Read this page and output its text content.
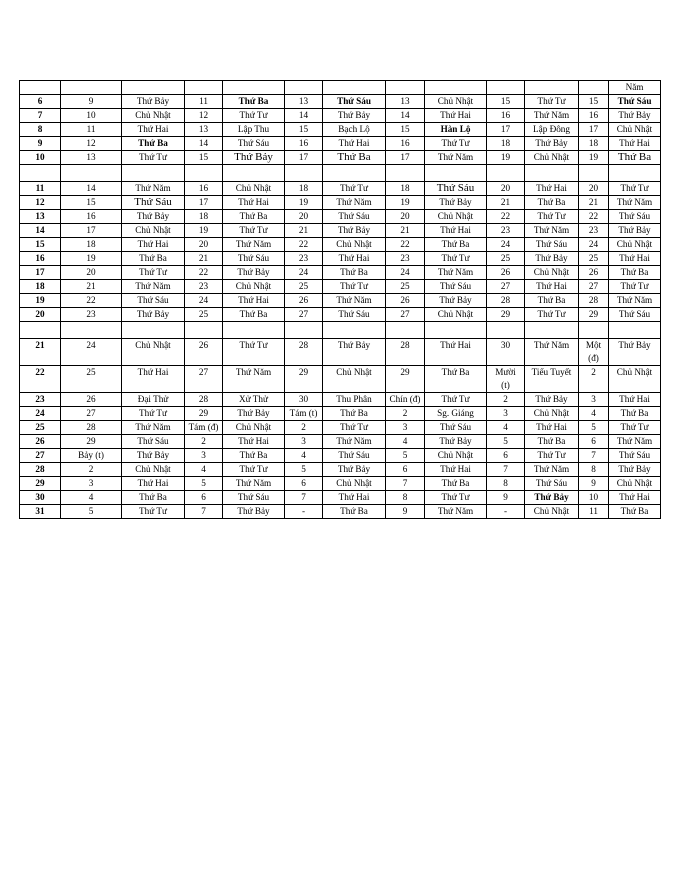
												Năm
6	9	Thứ Bảy	11	Thứ Ba	13	Thứ Sáu	13	Chủ Nhật	15	Thứ Tư	15	Thứ Sáu
7	10	Chủ Nhật	12	Thứ Tư	14	Thứ Bảy	14	Thứ Hai	16	Thứ Năm	16	Thứ Bảy
8	11	Thứ Hai	13	Lập Thu	15	Bạch Lộ	15	Hàn Lộ	17	Lập Đông	17	Chủ Nhật
9	12	Thứ Ba	14	Thứ Sáu	16	Thứ Hai	16	Thứ Tư	18	Thứ Bảy	18	Thứ Hai
10	13	Thứ Tư	15	Thứ Bảy	17	Thứ Ba	17	Thứ Năm	19	Chủ Nhật	19	Thứ Ba

11	14	Thứ Năm	16	Chủ Nhật	18	Thứ Tư	18	Thứ Sáu	20	Thứ Hai	20	Thứ Tư
12	15	Thứ Sáu	17	Thứ Hai	19	Thứ Năm	19	Thứ Bảy	21	Thứ Ba	21	Thứ Năm
13	16	Thứ Bảy	18	Thứ Ba	20	Thứ Sáu	20	Chủ Nhật	22	Thứ Tư	22	Thứ Sáu
14	17	Chủ Nhật	19	Thứ Tư	21	Thứ Bảy	21	Thứ Hai	23	Thứ Năm	23	Thứ Bảy
15	18	Thứ Hai	20	Thứ Năm	22	Chủ Nhật	22	Thứ Ba	24	Thứ Sáu	24	Chủ Nhật
16	19	Thứ Ba	21	Thứ Sáu	23	Thứ Hai	23	Thứ Tư	25	Thứ Bảy	25	Thứ Hai
17	20	Thứ Tư	22	Thứ Bảy	24	Thứ Ba	24	Thứ Năm	26	Chủ Nhật	26	Thứ Ba
18	21	Thứ Năm	23	Chủ Nhật	25	Thứ Tư	25	Thứ Sáu	27	Thứ Hai	27	Thứ Tư
19	22	Thứ Sáu	24	Thứ Hai	26	Thứ Năm	26	Thứ Bảy	28	Thứ Ba	28	Thứ Năm
20	23	Thứ Bảy	25	Thứ Ba	27	Thứ Sáu	27	Chủ Nhật	29	Thứ Tư	29	Thứ Sáu

21	24	Chủ Nhật	26	Thứ Tư	28	Thứ Bảy	28	Thứ Hai	30	Thứ Năm	Một (đ)	Thứ Bảy
22	25	Thứ Hai	27	Thứ Năm	29	Chủ Nhật	29	Thứ Ba	Mười (t)	Tiểu Tuyết	2	Chủ Nhật
23	26	Đại Thử	28	Xử Thử	30	Thu Phân	Chín (đ)	Thứ Tư	2	Thứ Bảy	3	Thứ Hai
24	27	Thứ Tư	29	Thứ Bảy	Tám (t)	Thứ Ba	2	Sg. Giáng	3	Chủ Nhật	4	Thứ Ba
25	28	Thứ Năm	Tám (đ)	Chủ Nhật	2	Thứ Tư	3	Thứ Sáu	4	Thứ Hai	5	Thứ Tư
26	29	Thứ Sáu	2	Thứ Hai	3	Thứ Năm	4	Thứ Bảy	5	Thứ Ba	6	Thứ Năm
27	Bảy (t)	Thứ Bảy	3	Thứ Ba	4	Thứ Sáu	5	Chủ Nhật	6	Thứ Tư	7	Thứ Sáu
28	2	Chủ Nhật	4	Thứ Tư	5	Thứ Bảy	6	Thứ Hai	7	Thứ Năm	8	Thứ Bảy
29	3	Thứ Hai	5	Thứ Năm	6	Chủ Nhật	7	Thứ Ba	8	Thứ Sáu	9	Chủ Nhật
30	4	Thứ Ba	6	Thứ Sáu	7	Thứ Hai	8	Thứ Tư	9	Thứ Bảy	10	Thứ Hai
31	5	Thứ Tư	7	Thứ Bảy	-	Thứ Ba	9	Thứ Năm	-	Chủ Nhật	11	Thứ Ba
